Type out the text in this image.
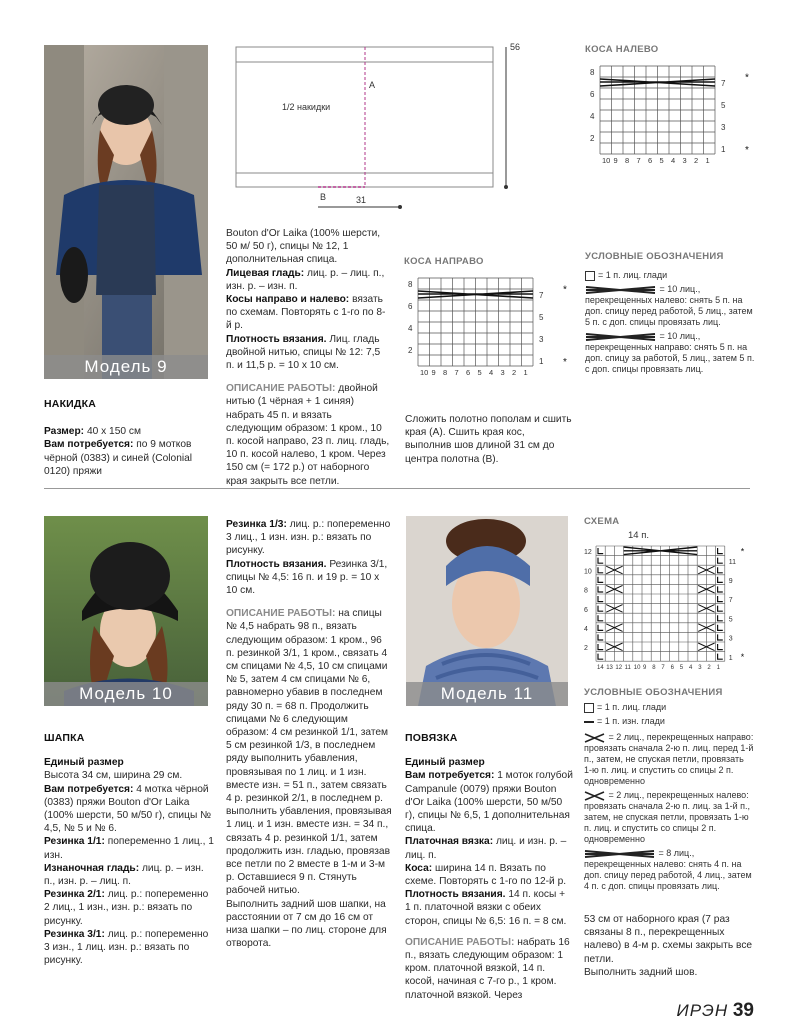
Модель 9
НАКИДКА

Размер: 40 х 150 см

Вам потребуется: по 9 мотков чёрной (0383) и синей (Colonial 0120) пряжи

1/2 накидки
А
В	31
56

Bouton d'Or Laika (100% шерсти, 50 м/ 50 г), спицы № 12, 1 дополнительная спица.

Лицевая гладь: лиц. р. – лиц. п., изн. р. – изн. п.

Косы направо и налево: вязать по схемам. Повторять с 1-го по 8-й р.

Плотность вязания. Лиц. гладь двойной нитью, спицы № 12: 7,5 п. и 11,5 р. = 10 х 10 см.

ОПИСАНИЕ РАБОТЫ: двойной нитью (1 чёрная + 1 синяя) набрать 45 п. и вязать следующим образом: 1 кром., 10 п. косой направо, 23 п. лиц. гладь, 10 п. косой налево, 1 кром. Через 150 см (= 172 р.) от наборного края закрыть все петли.

КОСА НАЛЕВО
8
7
6
5
4
3
2
1
10 9 8 7 6 5 4 3 2 1
*
*
КОСА НАПРАВО
8
7
6
5
4
3
2
1
10 9 8 7 6 5 4 3 2 1
*
*
УСЛОВНЫЕ ОБОЗНАЧЕНИЯ
= 1 п. лиц. глади
= 10 лиц., перекрещенных налево: снять 5 п. на доп. спицу перед работой, 5 лиц., затем 5 п. с доп. спицы провязать лиц.
= 10 лиц., перекрещенных направо: снять 5 п. на доп. спицу за работой, 5 лиц., затем 5 п. с доп. спицы провязать лиц.
Сложить полотно пополам и сшить края (А). Сшить края кос, выполнив шов длиной 31 см до центра полотна (В).
Модель 10
ШАПКА

Единый размер

Высота 34 см, ширина 29 см.

Вам потребуется: 4 мотка чёрной (0383) пряжи Bouton d'Or Laika (100% шерсти, 50 м/50 г), спицы № 4,5, № 5 и № 6.

Резинка 1/1: попеременно 1 лиц., 1 изн.

Изнаночная гладь: лиц. р. – изн. п., изн. р. – лиц. п.

Резинка 2/1: лиц. р.: попеременно 2 лиц., 1 изн., изн. р.: вязать по рисунку.

Резинка 3/1: лиц. р.: попеременно 3 изн., 1 лиц. изн. р.: вязать по рисунку.

Резинка 1/3: лиц. р.: попеременно 3 лиц., 1 изн. изн. р.: вязать по рисунку.

Плотность вязания. Резинка 3/1, спицы № 4,5: 16 п. и 19 р. = 10 х 10 см.

ОПИСАНИЕ РАБОТЫ: на спицы № 4,5 набрать 98 п., вязать следующим образом: 1 кром., 96 п. резинкой 3/1, 1 кром., связать 4 см спицами № 4,5, 10 см спицами № 5, затем 4 см спицами № 6, равномерно убавив в последнем ряду 30 п. = 68 п. Продолжить спицами № 6 следующим образом: 4 см резинкой 1/1, затем 5 см резинкой 1/3, в последнем ряду выполнить убавления, провязывая по 1 лиц. и 1 изн. вместе изн. = 51 п., затем связать 4 р. резинкой 2/1, в последнем р. выполнить убавления, провязывая 1 лиц. и 1 изн. вместе изн. = 34 п., связать 4 р. резинкой 1/1, затем продолжить изн. гладью, провязав все петли по 2 вместе в 1-м и 3-м р. Оставшиеся 9 п. Стянуть рабочей нитью.

Выполнить задний шов шапки, на расстоянии от 7 см до 16 см от низа шапки – по лиц. стороне для отворота.

Модель 11
ПОВЯЗКА

Единый размер

Вам потребуется: 1 моток голубой Campanule (0079) пряжи Bouton d'Or Laika (100% шерсти, 50 м/50 г), спицы № 6,5, 1 дополнительная спица.

Платочная вязка: лиц. и изн. р. – лиц. п.

Коса: ширина 14 п. Вязать по схеме. Повторять с 1-го по 12-й р.

Плотность вязания. 14 п. косы + 1 п. платочной вязки с обеих сторон, спицы № 6,5: 16 п. = 8 см.

ОПИСАНИЕ РАБОТЫ: набрать 16 п., вязать следующим образом: 1 кром. платочной вязкой, 14 п. косой, начиная с 7-го р., 1 кром. платочной вязкой. Через

СХЕМА
14 п.
12
11
10
9
8
7
6
5
4
3
2
1
14 13 12 11 10 9 8 7 6 5 4 3 2 1
*
*
УСЛОВНЫЕ ОБОЗНАЧЕНИЯ
= 1 п. лиц. глади
= 1 п. изн. глади
= 2 лиц., перекрещенных направо: провязать сначала 2-ю п. лиц. перед 1-й п., затем, не спуская петли, провязать 1-ю п. лиц. и спустить со спицы 2 п. одновременно
= 2 лиц., перекрещенных налево: провязать сначала 2-ю п. лиц. за 1-й п., затем, не спуская петли, провязать 1-ю п. лиц. и спустить со спицы 2 п. одновременно
= 8 лиц., перекрещенных налево: снять 4 п. на доп. спицу перед работой, 4 лиц., затем 4 п. с доп. спицы провязать лиц.

53 см от наборного края (7 раз связаны 8 п., перекрещенных налево) в 4-м р. схемы закрыть все петли.

Выполнить задний шов.

ИРЭН 39
